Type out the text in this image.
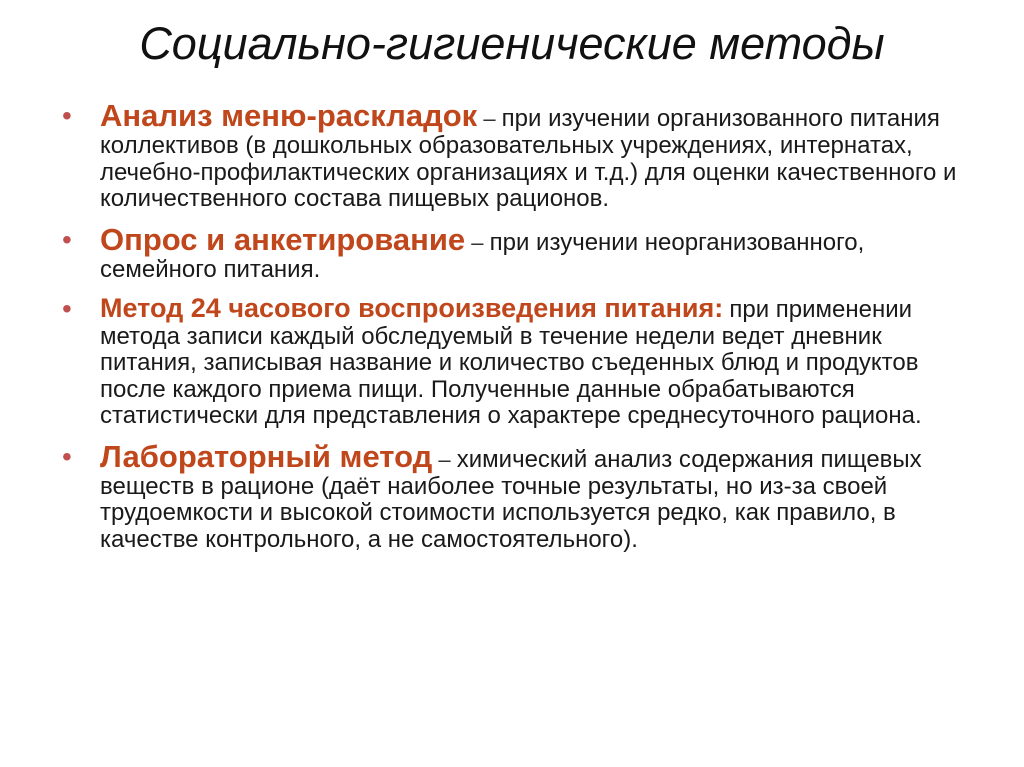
Социально-гигиенические методы
• Анализ меню-раскладок – при изучении организованного питания коллективов (в дошкольных образовательных учреждениях, интернатах, лечебно-профилактических организациях и т.д.) для оценки качественного и количественного состава пищевых рационов.
• Опрос и анкетирование – при изучении неорганизованного, семейного питания.
• Метод 24 часового воспроизведения питания: при применении метода записи каждый обследуемый в течение недели ведет дневник питания, записывая название и количество съеденных блюд и продуктов после каждого приема пищи. Полученные данные обрабатываются статистически для представления о характере среднесуточного рациона.
• Лабораторный метод – химический анализ содержания пищевых веществ в рационе (даёт наиболее точные результаты, но из-за своей трудоемкости и высокой стоимости используется редко, как правило, в качестве контрольного, а не самостоятельного).
